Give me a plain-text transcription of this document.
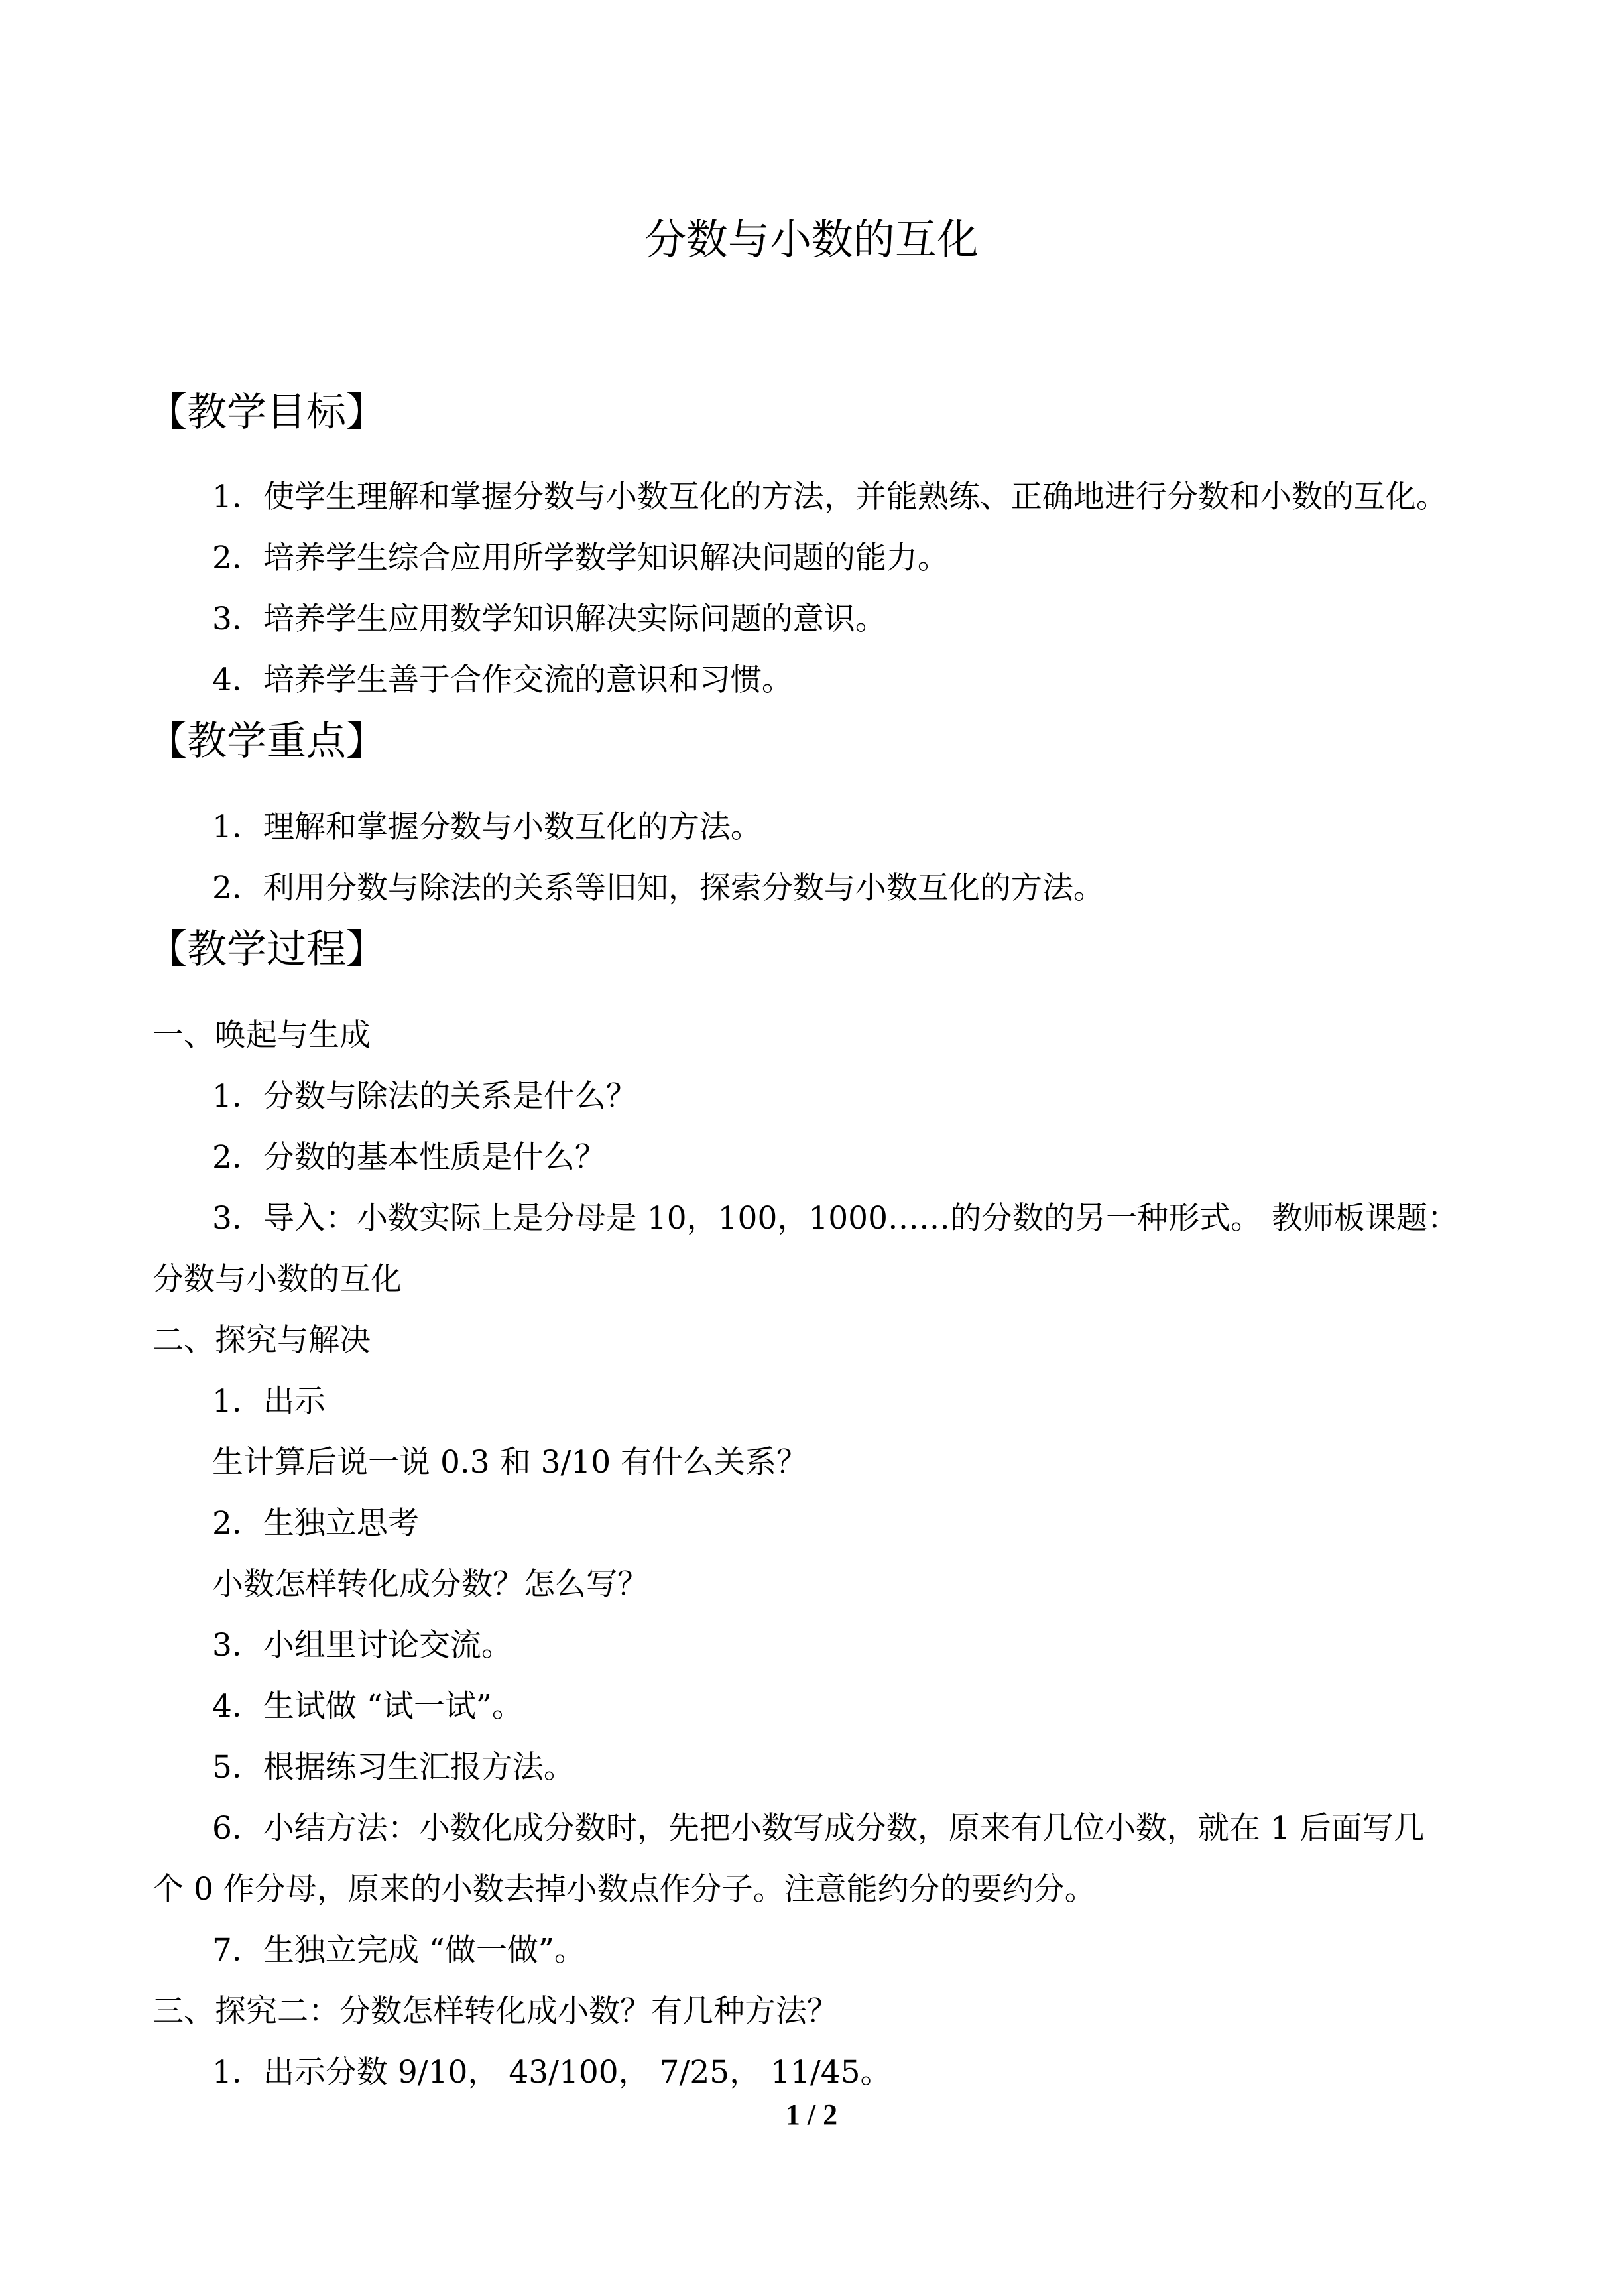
分数与小数的互化
【教学目标】
1．使学生理解和掌握分数与小数互化的方法，并能熟练、正确地进行分数和小数的互化。
2．培养学生综合应用所学数学知识解决问题的能力。
3．培养学生应用数学知识解决实际问题的意识。
4．培养学生善于合作交流的意识和习惯。
【教学重点】
1．理解和掌握分数与小数互化的方法。
2．利用分数与除法的关系等旧知，探索分数与小数互化的方法。
【教学过程】
一、唤起与生成
1．分数与除法的关系是什么？
2．分数的基本性质是什么？
3．导入：小数实际上是分母是 10，100，1000……的分数的另一种形式。 教师板课题：
分数与小数的互化
二、探究与解决
1．出示
生计算后说一说 0.3 和 3/10 有什么关系？
2．生独立思考
小数怎样转化成分数？怎么写？
3．小组里讨论交流。
4．生试做 “试一试”。
5．根据练习生汇报方法。
6．小结方法：小数化成分数时，先把小数写成分数，原来有几位小数，就在 1 后面写几
个 0 作分母，原来的小数去掉小数点作分子。注意能约分的要约分。
7．生独立完成 “做一做”。
三、探究二：分数怎样转化成小数？有几种方法？
1．出示分数 9/10， 43/100， 7/25， 11/45。
1 / 2
